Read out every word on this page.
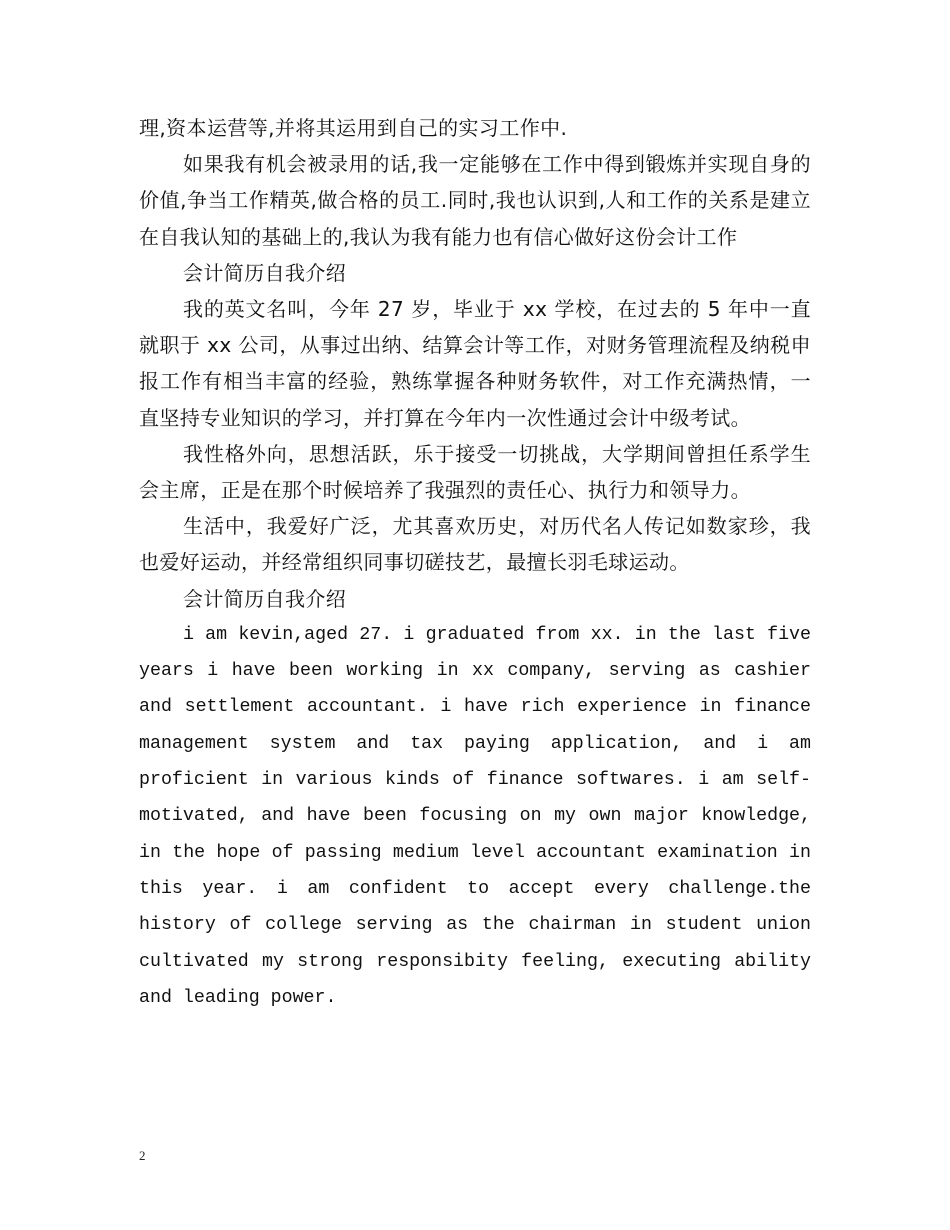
理,资本运营等,并将其运用到自己的实习工作中.

如果我有机会被录用的话,我一定能够在工作中得到锻炼并实现自身的价值,争当工作精英,做合格的员工.同时,我也认识到,人和工作的关系是建立在自我认知的基础上的,我认为我有能力也有信心做好这份会计工作

会计简历自我介绍

我的英文名叫，今年 27 岁，毕业于 xx 学校，在过去的 5 年中一直就职于 xx 公司，从事过出纳、结算会计等工作，对财务管理流程及纳税申报工作有相当丰富的经验，熟练掌握各种财务软件，对工作充满热情，一直坚持专业知识的学习，并打算在今年内一次性通过会计中级考试。

我性格外向，思想活跃，乐于接受一切挑战，大学期间曾担任系学生会主席，正是在那个时候培养了我强烈的责任心、执行力和领导力。

生活中，我爱好广泛，尤其喜欢历史，对历代名人传记如数家珍，我也爱好运动，并经常组织同事切磋技艺，最擅长羽毛球运动。

会计简历自我介绍

i am kevin,aged 27. i graduated from xx. in the last five years i have been working in xx company, serving as cashier and settlement accountant. i have rich experience in finance management system and tax paying application, and i am proficient in various kinds of finance softwares. i am self-motivated, and have been focusing on my own major knowledge, in the hope of passing medium level accountant examination in this year. i am confident to accept every challenge.the history of college serving as the chairman in student union cultivated my strong responsibity feeling, executing ability and leading power.

2
